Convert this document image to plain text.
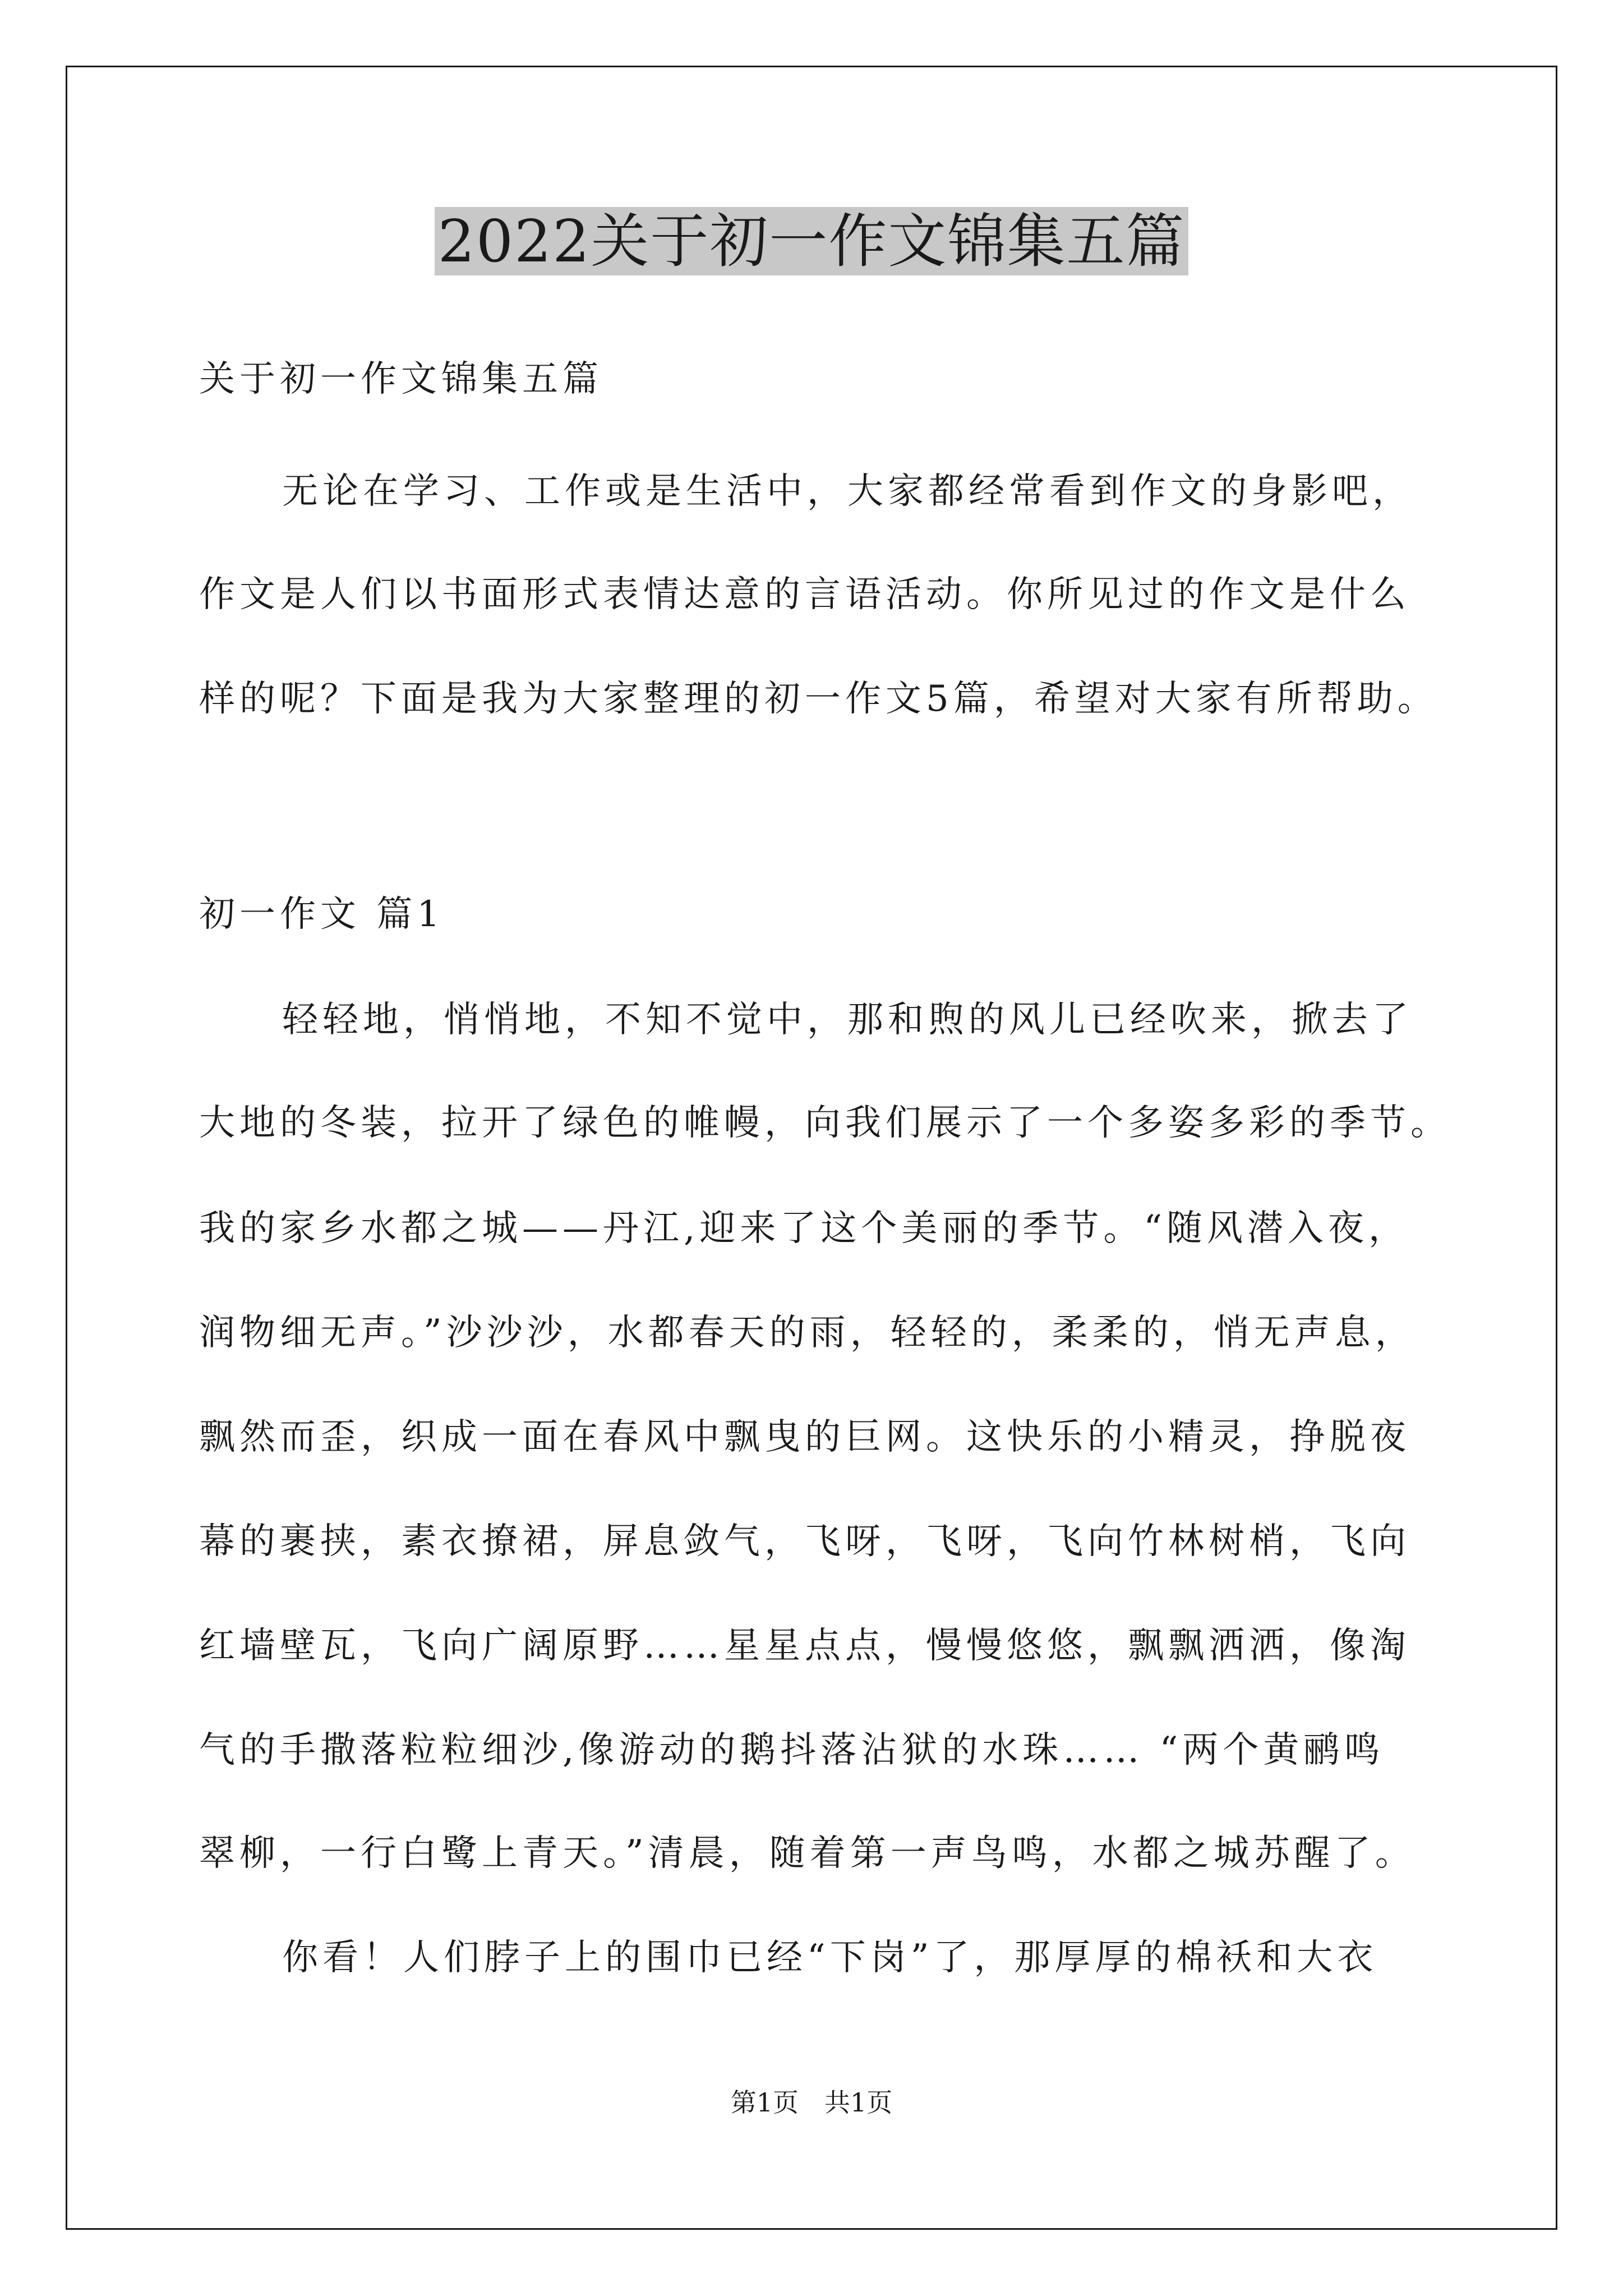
2022关于初一作文锦集五篇
关于初一作文锦集五篇
无论在学习、工作或是生活中，大家都经常看到作文的身影吧，
作文是人们以书面形式表情达意的言语活动。你所见过的作文是什么
样的呢？下面是我为大家整理的初一作文5篇，希望对大家有所帮助。
初一作文 篇1
轻轻地，悄悄地，不知不觉中，那和煦的风儿已经吹来，掀去了
大地的冬装，拉开了绿色的帷幔，向我们展示了一个多姿多彩的季节。
我的家乡水都之城——丹江,迎来了这个美丽的季节。“随风潜入夜，
润物细无声。”沙沙沙，水都春天的雨，轻轻的，柔柔的，悄无声息，
飘然而歪，织成一面在春风中飘曳的巨网。这快乐的小精灵，挣脱夜
幕的裹挟，素衣撩裙，屏息敛气，飞呀，飞呀，飞向竹林树梢，飞向
红墙壁瓦，飞向广阔原野……星星点点，慢慢悠悠，飘飘洒洒，像淘
气的手撒落粒粒细沙,像游动的鹅抖落沾狱的水珠…… “两个黄鹂鸣
翠柳，一行白鹭上青天。”清晨，随着第一声鸟鸣，水都之城苏醒了。
你看！人们脖子上的围巾已经“下岗”了，那厚厚的棉袄和大衣
第1页　共1页
